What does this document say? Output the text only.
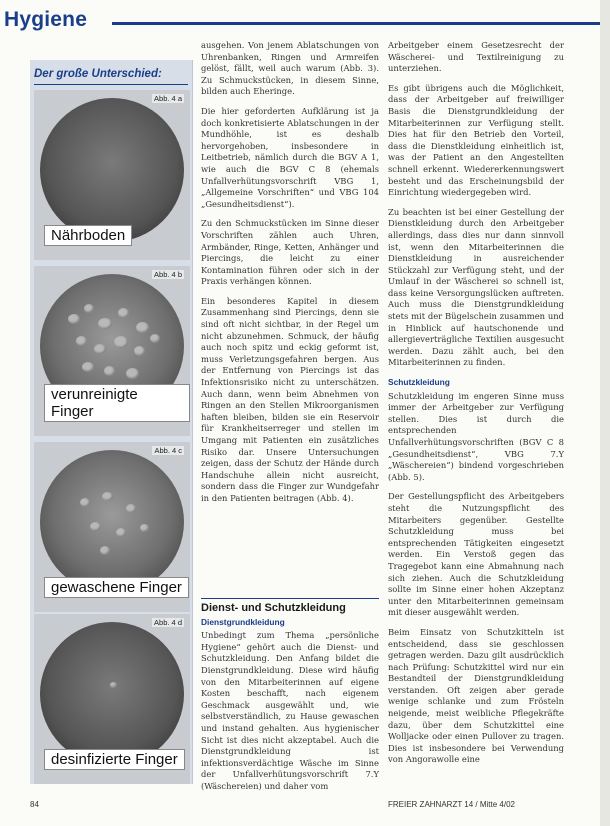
Hygiene
Der große Unterschied:
Abb. 4 a
Nährboden
Abb. 4 b
verunreinigte Finger
Abb. 4 c
gewaschene Finger
Abb. 4 d
desinfizierte Finger

ausgehen. Von jenem Ablatschungen von Uhrenbanken, Ringen und Armreifen gelöst, fällt, weil auch warum (Abb. 3). Zu Schmuckstücken, in diesem Sinne, bilden auch Eheringe.

Die hier geforderten Aufklärung ist ja doch konkretisierte Ablatschungen in der Mundhöhle, ist es deshalb hervorgehoben, insbesondere in Leitbetrieb, nämlich durch die BGV A 1, wie auch die BGV C 8 (ehemals Unfallverhütungsvorschrift VBG 1, „Allgemeine Vorschriften“ und VBG 104 „Gesundheitsdienst“).

Zu den Schmuckstücken im Sinne dieser Vorschriften zählen auch Uhren, Armbänder, Ringe, Ketten, Anhänger und Piercings, die leicht zu einer Kontamination führen oder sich in der Praxis verhängen können.

Ein besonderes Kapitel in diesem Zusammenhang sind Piercings, denn sie sind oft nicht sichtbar, in der Regel um nicht abzunehmen. Schmuck, der häufig auch noch spitz und eckig geformt ist, muss Verletzungsgefahren bergen. Aus der Entfernung von Piercings ist das Infektionsrisiko nicht zu unterschätzen. Auch dann, wenn beim Abnehmen von Ringen an den Stellen Mikroorganismen haften bleiben, bilden sie ein Reservoir für Krankheitserreger und stellen im Umgang mit Patienten ein zusätzliches Risiko dar. Unsere Untersuchungen zeigen, dass der Schutz der Hände durch Handschuhe allein nicht ausreicht, sondern dass die Finger zur Wundgefahr in den Patienten beitragen (Abb. 4).

Dienst- und Schutzkleidung
Dienstgrundkleidung

Unbedingt zum Thema „persönliche Hygiene“ gehört auch die Dienst- und Schutzkleidung. Den Anfang bildet die Dienstgrundkleidung. Diese wird häufig von den Mitarbeiterinnen auf eigene Kosten beschafft, nach eigenem Geschmack ausgewählt und, wie selbstverständlich, zu Hause gewaschen und instand gehalten. Aus hygienischer Sicht ist dies nicht akzeptabel. Auch die Dienstgrundkleidung ist infektionsverdächtige Wäsche im Sinne der Unfallverhütungsvorschrift 7.Y (Wäschereien) und daher vom

Arbeitgeber einem Gesetzesrecht der Wäscherei- und Textilreinigung zu unterziehen.

Es gibt übrigens auch die Möglichkeit, dass der Arbeitgeber auf freiwilliger Basis die Dienstgrundkleidung der Mitarbeiterinnen zur Verfügung stellt. Dies hat für den Betrieb den Vorteil, dass die Dienstkleidung einheitlich ist, was der Patient an den Angestellten schnell erkennt. Wiedererkennungswert besteht und das Erscheinungsbild der Einrichtung wiedergegeben wird.

Zu beachten ist bei einer Gestellung der Dienstkleidung durch den Arbeitgeber allerdings, dass dies nur dann sinnvoll ist, wenn den Mitarbeiterinnen die Dienstkleidung in ausreichender Stückzahl zur Verfügung steht, und der Umlauf in der Wäscherei so schnell ist, dass keine Versorgungslücken auftreten. Auch muss die Dienstgrundkleidung stets mit der Bügelschein zusammen und in Hinblick auf hautschonende und allergieverträgliche Textilien ausgesucht werden. Dazu zählt auch, bei den Mitarbeiterinnen zu finden.

Schutzkleidung

Schutzkleidung im engeren Sinne muss immer der Arbeitgeber zur Verfügung stellen. Dies ist durch die entsprechenden Unfallverhütungsvorschriften (BGV C 8 „Gesundheitsdienst“, VBG 7.Y „Wäschereien“) bindend vorgeschrieben (Abb. 5).

Der Gestellungspflicht des Arbeitgebers steht die Nutzungspflicht des Mitarbeiters gegenüber. Gestellte Schutzkleidung muss bei entsprechenden Tätigkeiten eingesetzt werden. Ein Verstoß gegen das Tragegebot kann eine Abmahnung nach sich ziehen. Auch die Schutzkleidung sollte im Sinne einer hohen Akzeptanz unter den Mitarbeiterinnen gemeinsam mit dieser ausgewählt werden.

Beim Einsatz von Schutzkitteln ist entscheidend, dass sie geschlossen getragen werden. Dazu gilt ausdrücklich nach Prüfung: Schutzkittel wird nur ein Bestandteil der Dienstgrundkleidung verstanden. Oft zeigen aber gerade wenige schlanke und zum Frösteln neigende, meist weibliche Pflegekräfte dazu, über dem Schutzkittel eine Wolljacke oder einen Pullover zu tragen. Dies ist insbesondere bei Verwendung von Angorawolle eine

84	FREIER ZAHNARZT 14 / Mitte 4/02
